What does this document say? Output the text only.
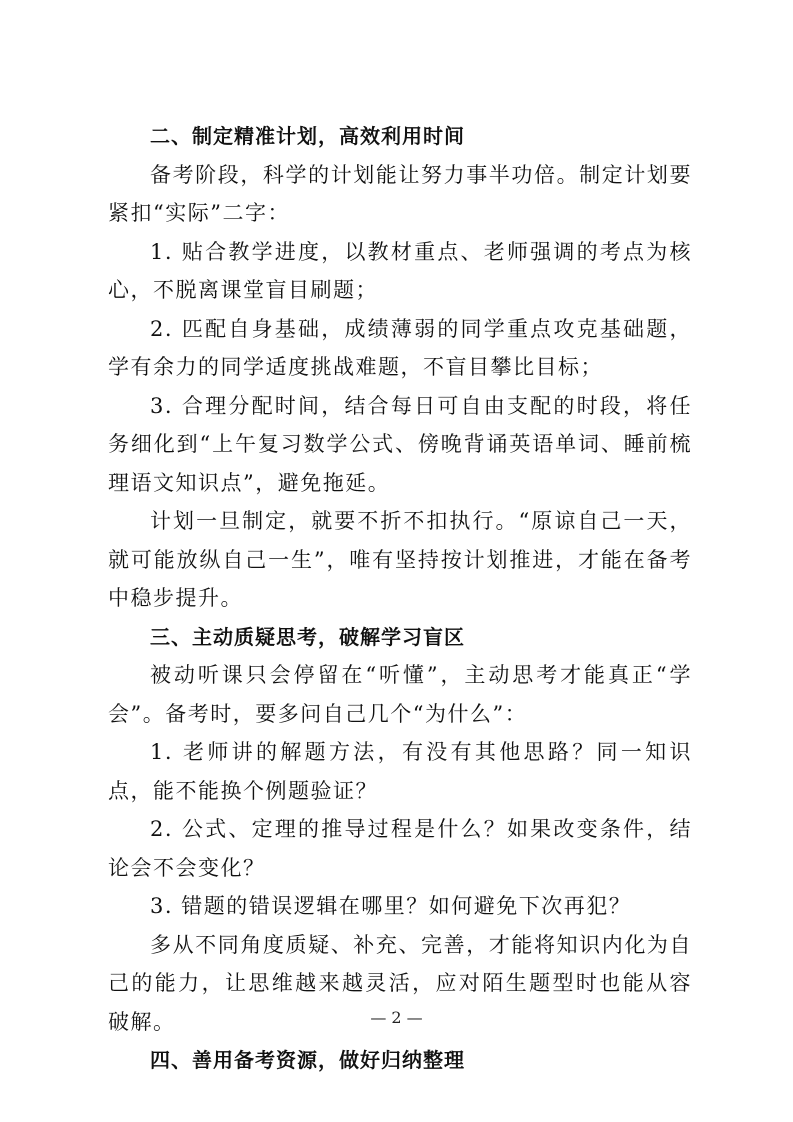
二、制定精准计划，高效利用时间

备考阶段，科学的计划能让努力事半功倍。制定计划要紧扣“实际”二字：

1. 贴合教学进度，以教材重点、老师强调的考点为核心，不脱离课堂盲目刷题；

2. 匹配自身基础，成绩薄弱的同学重点攻克基础题，学有余力的同学适度挑战难题，不盲目攀比目标；

3. 合理分配时间，结合每日可自由支配的时段，将任务细化到“上午复习数学公式、傍晚背诵英语单词、睡前梳理语文知识点”，避免拖延。

计划一旦制定，就要不折不扣执行。“原谅自己一天，就可能放纵自己一生”，唯有坚持按计划推进，才能在备考中稳步提升。

三、主动质疑思考，破解学习盲区

被动听课只会停留在“听懂”，主动思考才能真正“学会”。备考时，要多问自己几个“为什么”：

1. 老师讲的解题方法，有没有其他思路？同一知识点，能不能换个例题验证？

2. 公式、定理的推导过程是什么？如果改变条件，结论会不会变化？

3. 错题的错误逻辑在哪里？如何避免下次再犯？

多从不同角度质疑、补充、完善，才能将知识内化为自己的能力，让思维越来越灵活，应对陌生题型时也能从容破解。

四、善用备考资源，做好归纳整理

— 2 —
